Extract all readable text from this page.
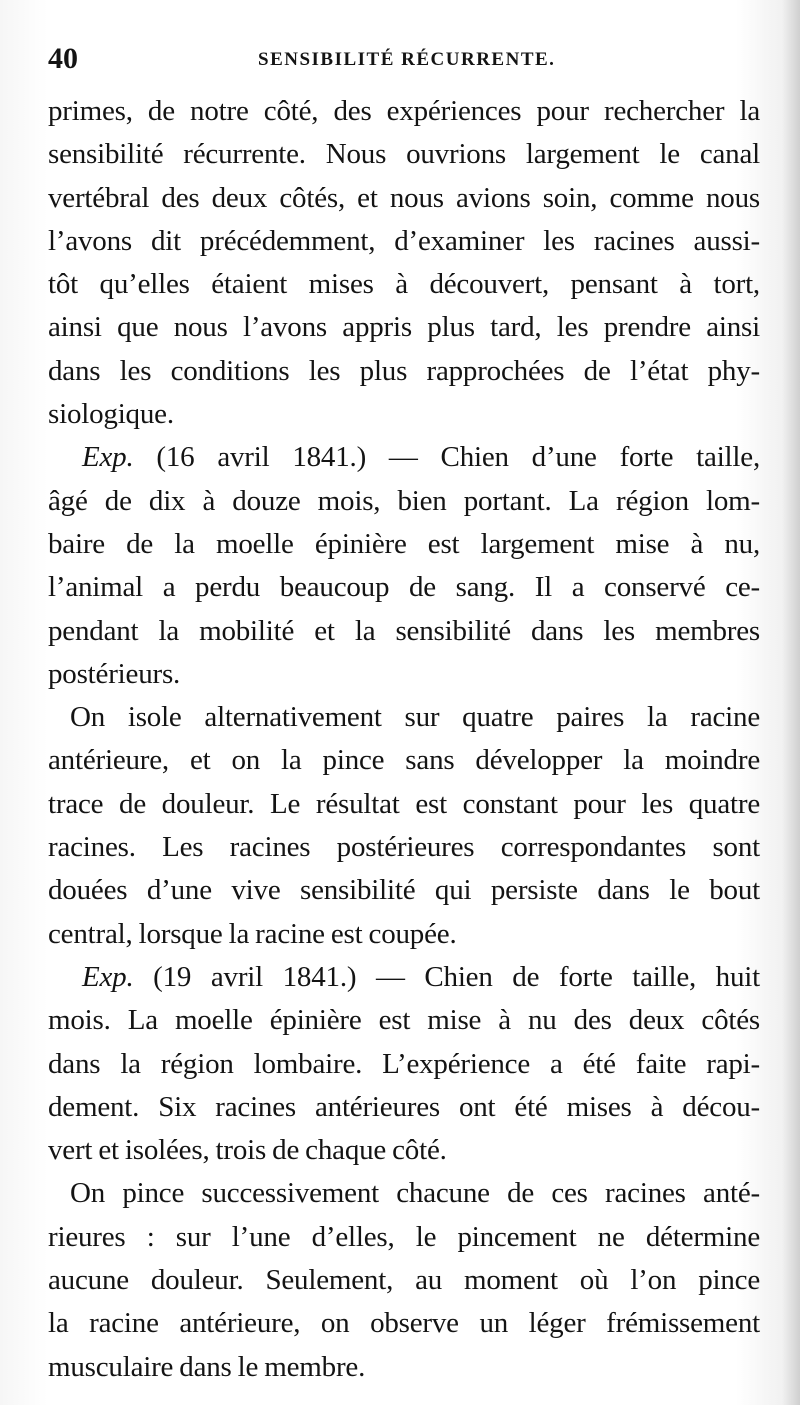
40	SENSIBILITÉ RÉCURRENTE.
primes, de notre côté, des expériences pour rechercher la
sensibilité récurrente. Nous ouvrions largement le canal
vertébral des deux côtés, et nous avions soin, comme nous
l’avons dit précédemment, d’examiner les racines aussi-
tôt qu’elles étaient mises à découvert, pensant à tort,
ainsi que nous l’avons appris plus tard, les prendre ainsi
dans les conditions les plus rapprochées de l’état phy-
siologique.
Exp. (16 avril 1841.) — Chien d’une forte taille,
âgé de dix à douze mois, bien portant. La région lom-
baire de la moelle épinière est largement mise à nu,
l’animal a perdu beaucoup de sang. Il a conservé ce-
pendant la mobilité et la sensibilité dans les membres
postérieurs.
On isole alternativement sur quatre paires la racine
antérieure, et on la pince sans développer la moindre
trace de douleur. Le résultat est constant pour les quatre
racines. Les racines postérieures correspondantes sont
douées d’une vive sensibilité qui persiste dans le bout
central, lorsque la racine est coupée.
Exp. (19 avril 1841.) — Chien de forte taille, huit
mois. La moelle épinière est mise à nu des deux côtés
dans la région lombaire. L’expérience a été faite rapi-
dement. Six racines antérieures ont été mises à décou-
vert et isolées, trois de chaque côté.
On pince successivement chacune de ces racines anté-
rieures : sur l’une d’elles, le pincement ne détermine
aucune douleur. Seulement, au moment où l’on pince
la racine antérieure, on observe un léger frémissement
musculaire dans le membre.
